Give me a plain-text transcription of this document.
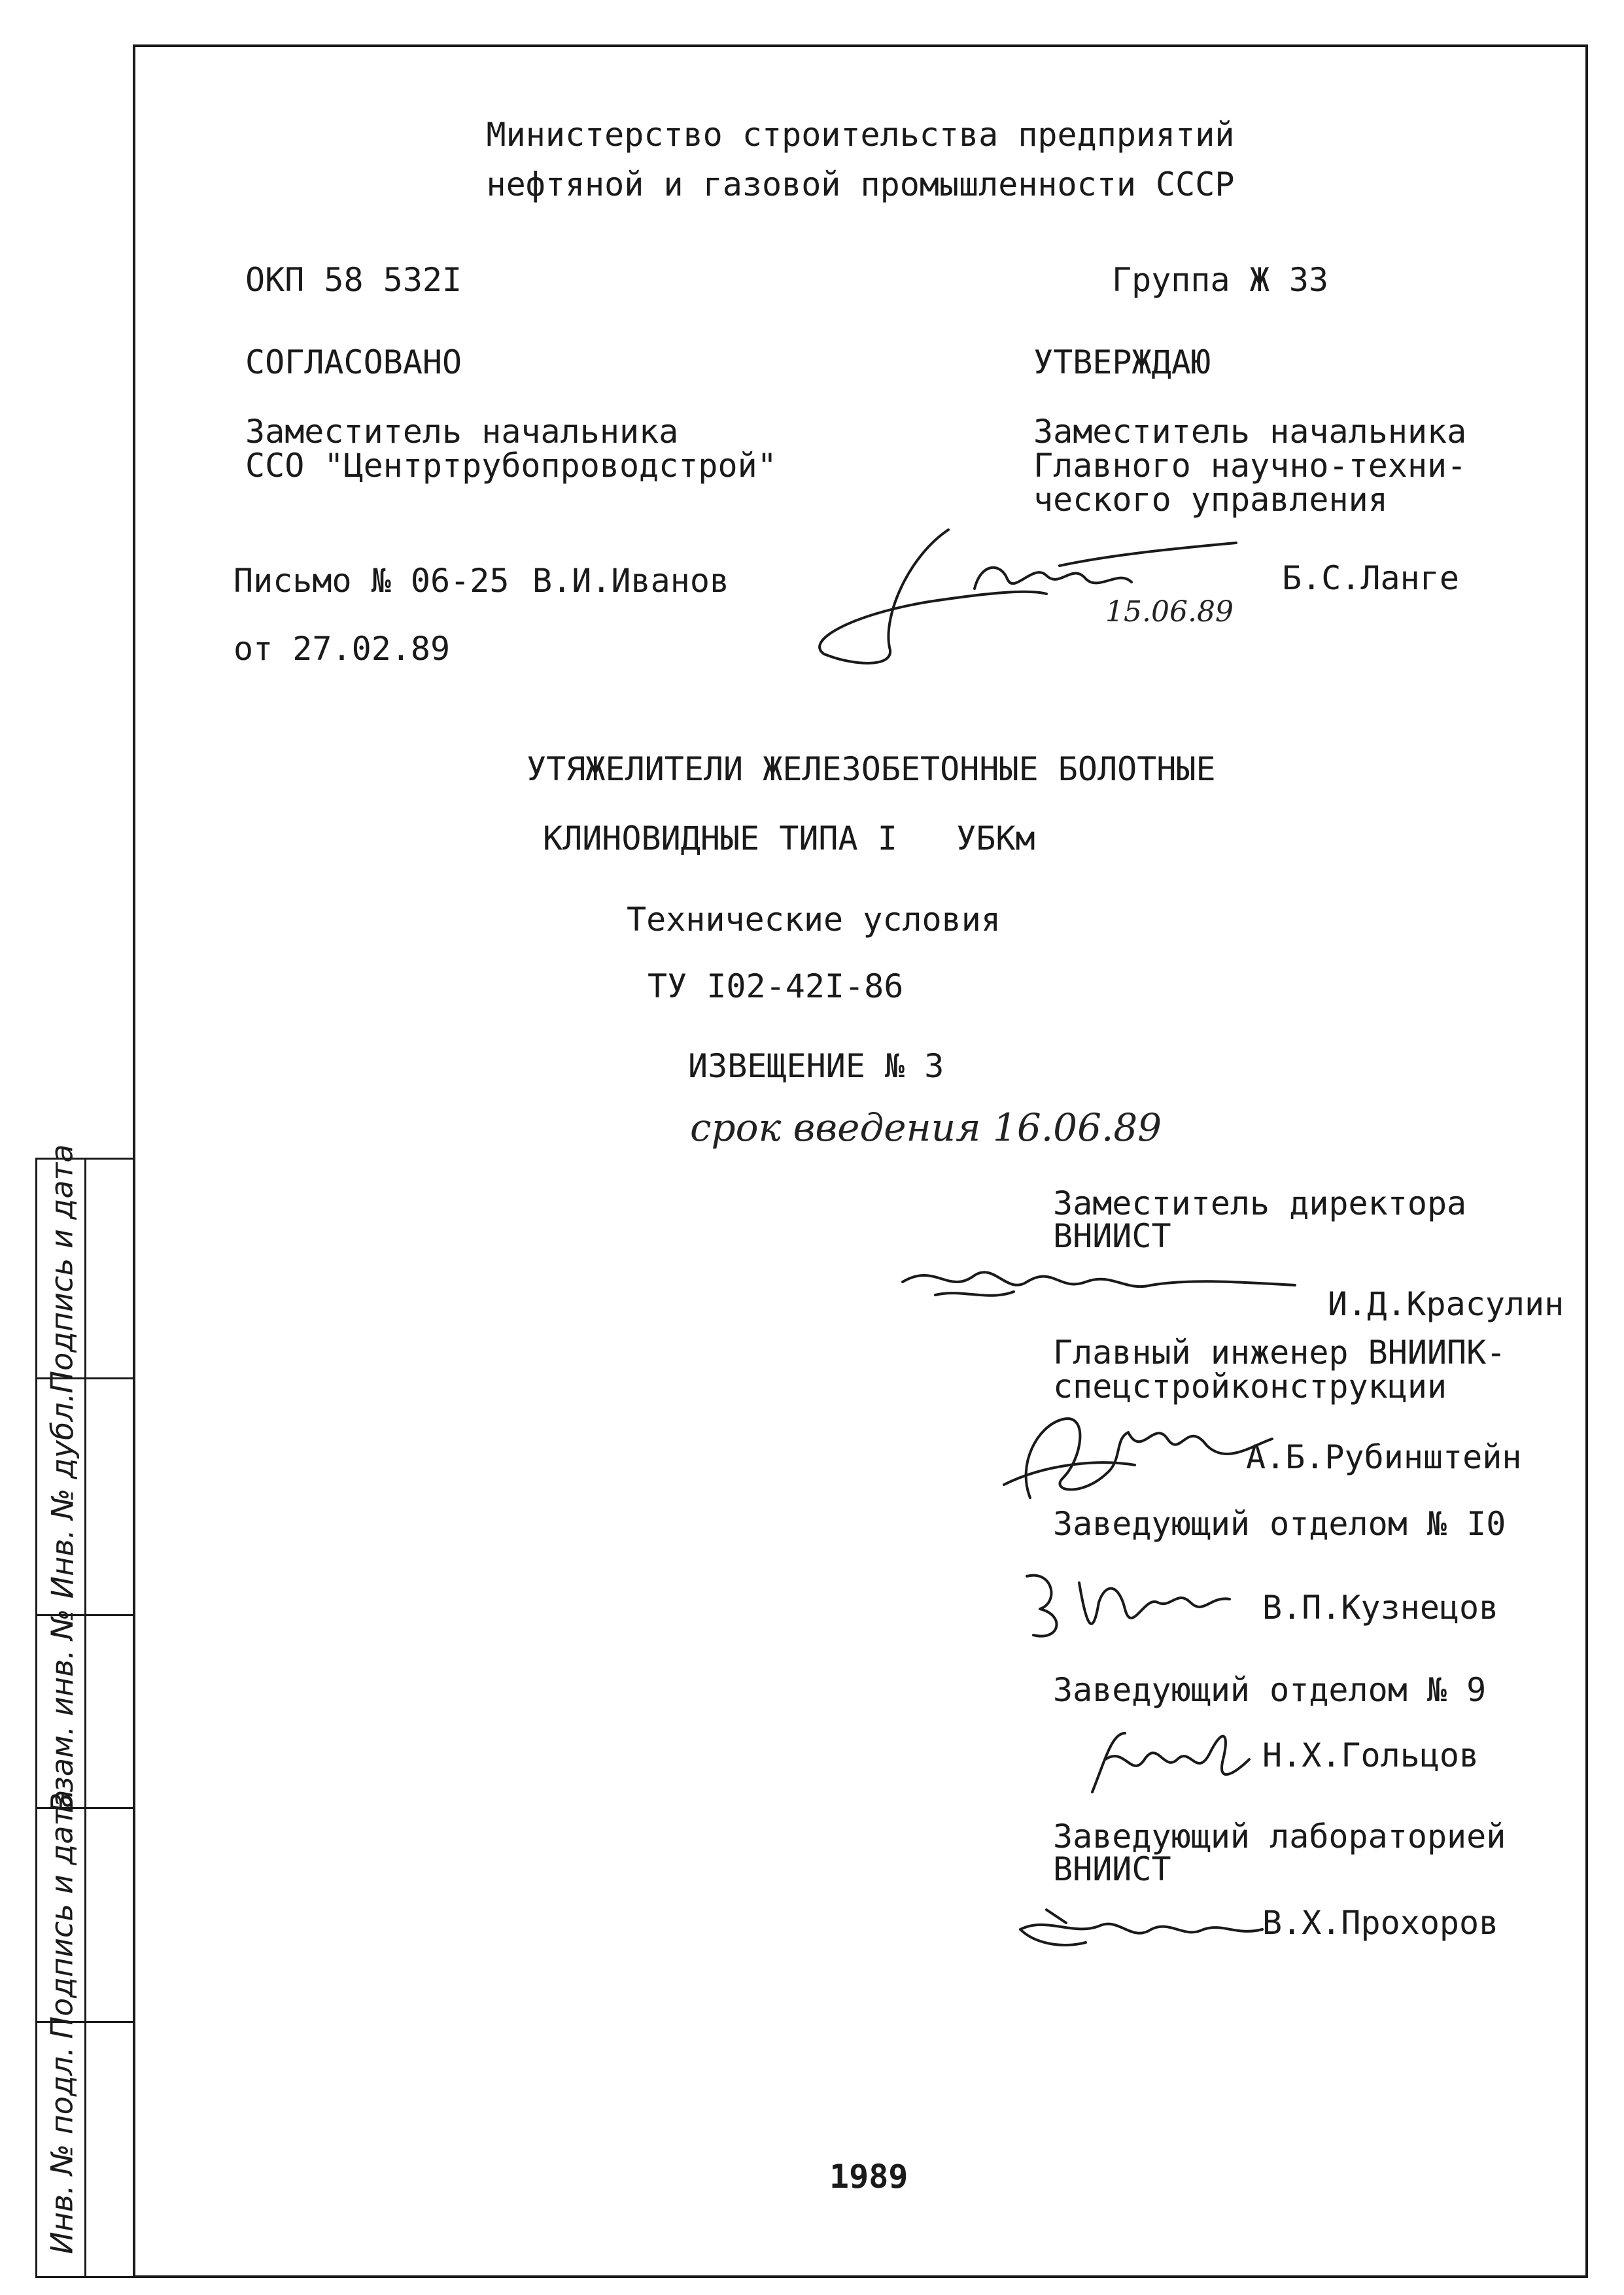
Министерство строительства предприятий
нефтяной и газовой промышленности СССР
ОКП 58 532I	Группа Ж 33
СОГЛАСОВАНО
Заместитель начальника
ССО "Центртрубопроводстрой"
Письмо № 06-25 В.И.Иванов
от 27.02.89
УТВЕРЖДАЮ
Заместитель начальника
Главного научно-техни-
ческого управления
Б.С.Ланге
15.06.89
УТЯЖЕЛИТЕЛИ ЖЕЛЕЗОБЕТОННЫЕ БОЛОТНЫЕ
КЛИНОВИДНЫЕ ТИПА I   УБКм
Технические условия
ТУ I02-42I-86
ИЗВЕЩЕНИЕ № 3
срок введения 16.06.89
Заместитель директора
ВНИИСТ
И.Д.Красулин
Главный инженер ВНИИПК-
спецстройконструкции
А.Б.Рубинштейн
Заведующий отделом № I0
В.П.Кузнецов
Заведующий отделом № 9
Н.Х.Гольцов
Заведующий лабораторией
ВНИИСТ
В.Х.Прохоров
1989
Подпись и дата
Инв. № дубл.
Взам. инв. №
Подпись и дата
Инв. № подл.
